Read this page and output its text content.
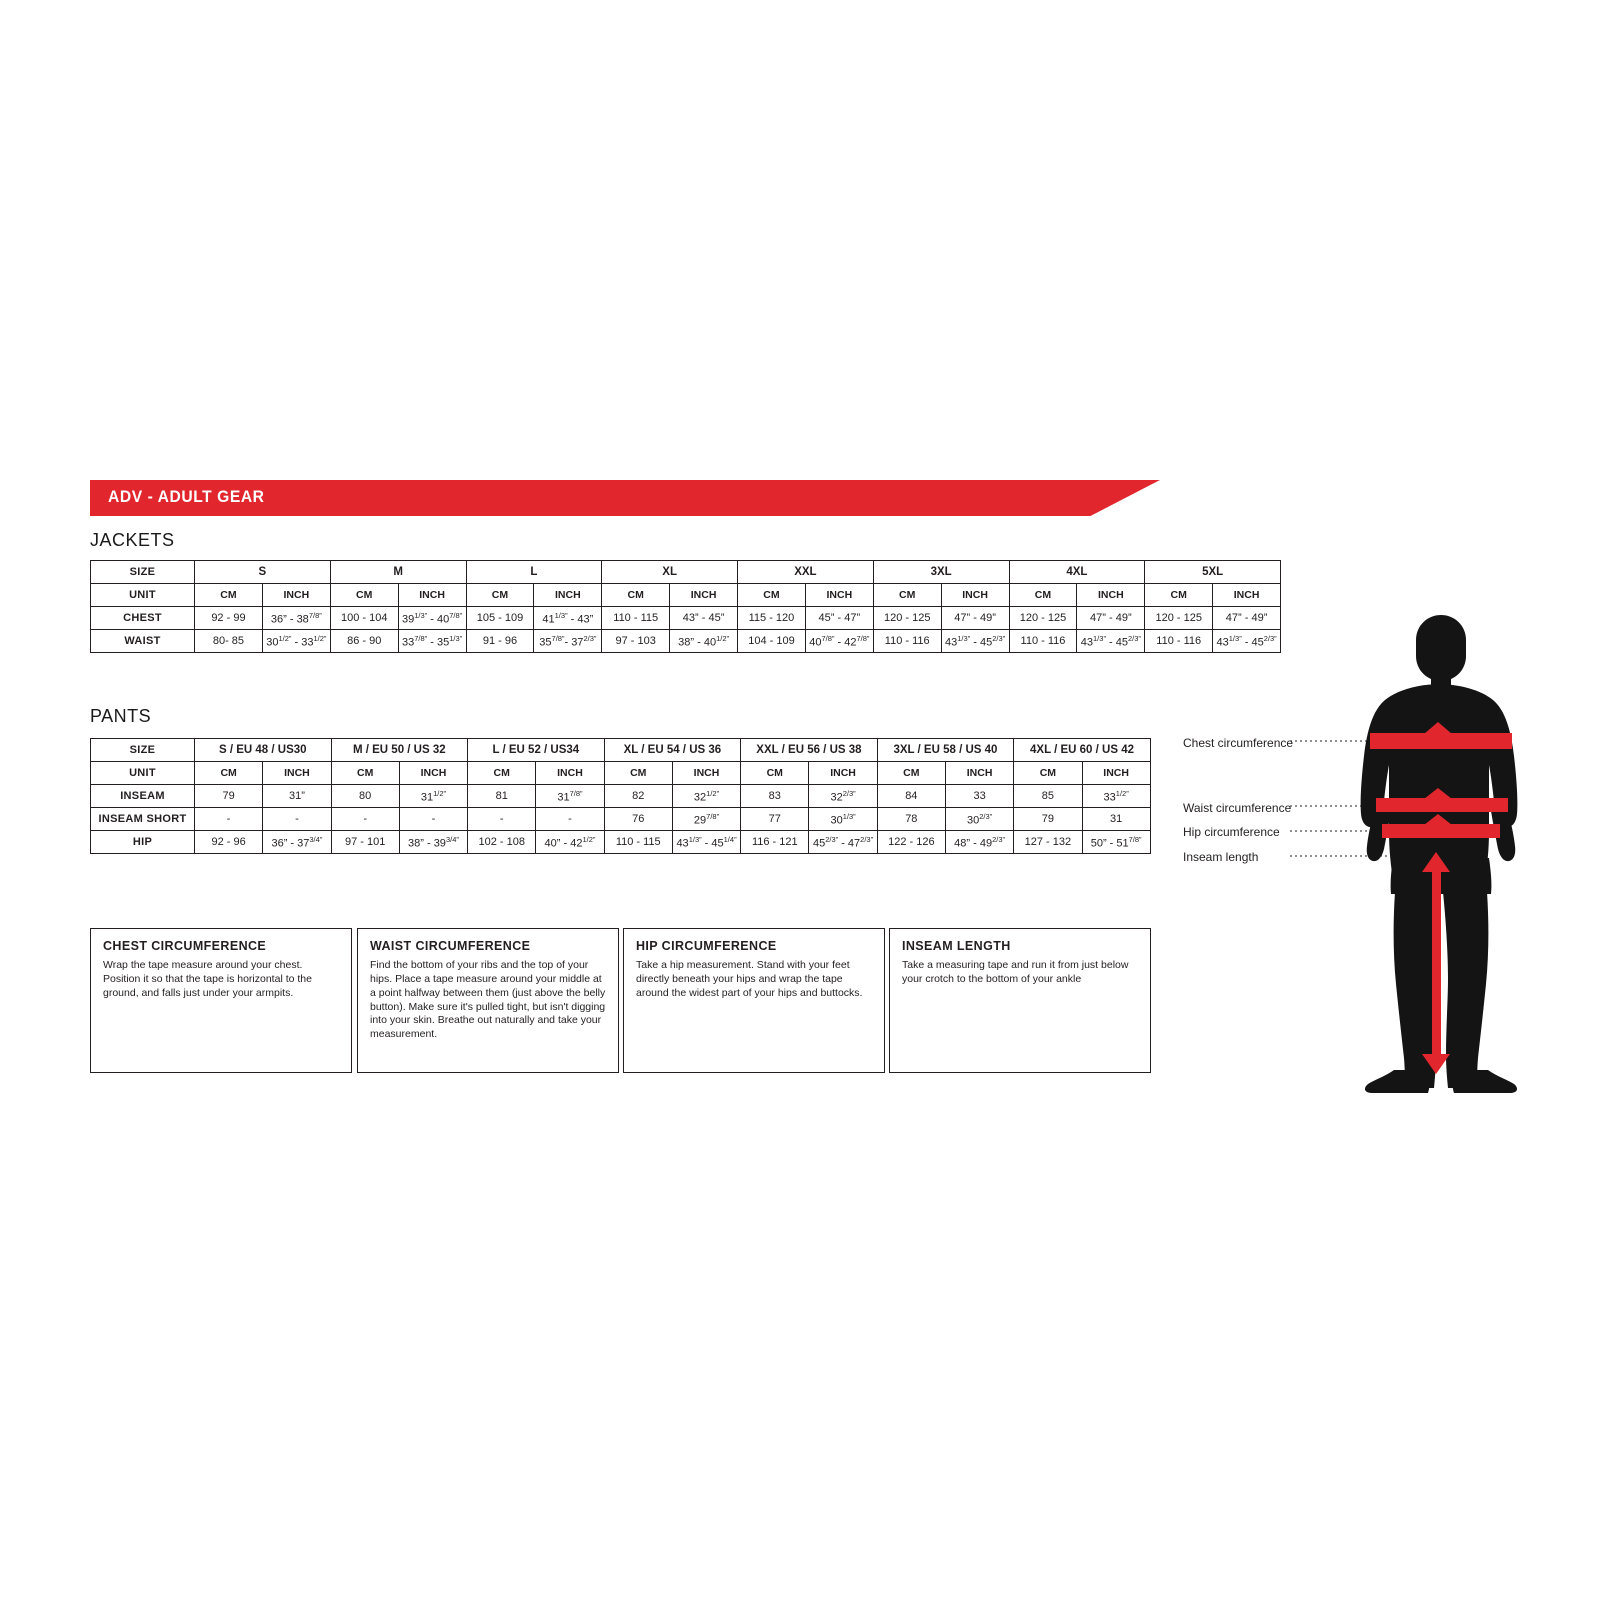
ADV - ADULT GEAR
JACKETS
PANTS
SIZE	S		M		L		XL		XXL		3XL		4XL		5XL	
UNIT	CM	INCH	CM	INCH	CM	INCH	CM	INCH	CM	INCH	CM	INCH	CM	INCH	CM	INCH
CHEST	92 - 99	36” - $38^{7/8”}$	100 - 104	$39^{1/3”} - 40^{7/8”}$	105 - 109	$41^{1/3”} - 43$”	110 - 115	43” - 45”	115 - 120	45” - 47”	120 - 125	47” - 49”	120 - 125	47” - 49”	120 - 125	47” - 49”
WAIST	80- 85	$30^{1/2”} - 33^{1/2”}$	86 - 90	$33^{7/8”} - 35^{1/3”}$	91 - 96	$35^{7/8”}-$ $37^{2/3”}$	97 - 103	38” - $40^{1/2”}$	104 - 109	$40^{7/8”} - 42^{7/8”}$	110 - 116	$43^{1/3”} - 45^{2/3”}$	110 - 116	$43^{1/3”} - 45^{2/3”}$	110 - 116	$43^{1/3”} - 45^{2/3”}$
SIZE	S / EU 48 / US30		M / EU 50 / US 32		L / EU 52 / US34		XL / EU 54 / US 36		XXL / EU 56 / US 38		3XL / EU 58 / US 40		4XL / EU 60 / US 42	
UNIT	CM	INCH	CM	INCH	CM	INCH	CM	INCH	CM	INCH	CM	INCH	CM	INCH
INSEAM	79	31”	80	$31^{1/2”}$	81	$31^{7/8”}$	82	$32^{1/2”}$	83	$32^{2/3”}$	84	33	85	$33^{1/2”}$
INSEAM SHORT	-	-	-	-	-	-	76	$29^{7/8”}$	77	$30^{1/3”}$	78	$30^{2/3”}$	79	31
HIP	92 - 96	36” - $37^{3/4”}$	97 - 101	38” - $39^{3/4”}$	102 - 108	40” - $42^{1/2”}$	110 - 115	$43^{1/3”} - 45^{1/4”}$	116 - 121	$45^{2/3”} - 47^{2/3”}$	122 - 126	48” - $49^{2/3”}$	127 - 132	50” - $51^{7/8”}$
CHEST CIRCUMFERENCE
Wrap the tape measure around your chest. Position it so that the tape is horizontal to the ground, and falls just under your armpits.
WAIST CIRCUMFERENCE
Find the bottom of your ribs and the top of your hips. Place a tape measure around your middle at a point halfway between them (just above the belly button). Make sure it's pulled tight, but isn't digging into your skin. Breathe out naturally and take your measurement.
HIP CIRCUMFERENCE
Take a hip measurement. Stand with your feet directly beneath your hips and wrap the tape around the widest part of your hips and buttocks.
INSEAM LENGTH
Take a measuring tape and run it from just below your crotch to the bottom of your ankle
Chest circumference
Waist circumference
Hip circumference
Inseam length
